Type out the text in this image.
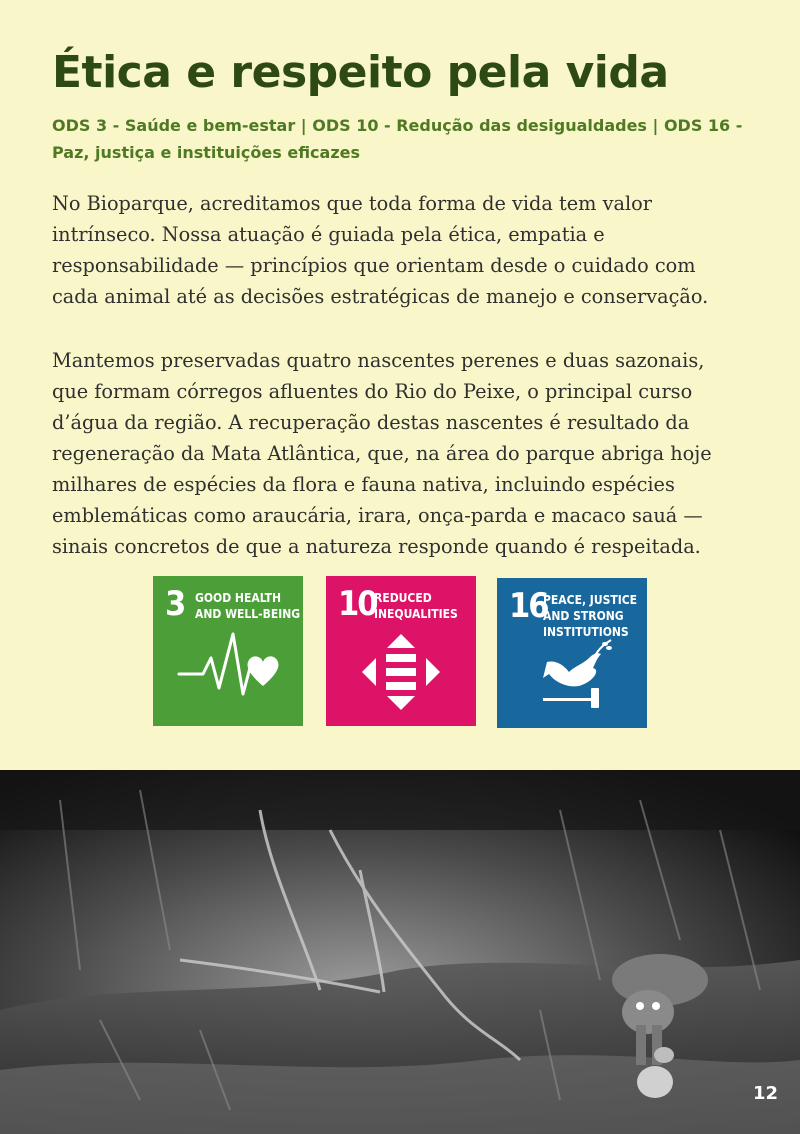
Ética e respeito pela vida

ODS 3 - Saúde e bem-estar | ODS 10 - Redução das desigualdades | ODS 16 - Paz, justiça e instituições eficazes

No Bioparque, acreditamos que toda forma de vida tem valor intrínseco. Nossa atuação é guiada pela ética, empatia e responsabilidade — princípios que orientam desde o cuidado com cada animal até as decisões estratégicas de manejo e conservação.

Mantemos preservadas quatro nascentes perenes e duas sazonais, que formam córregos afluentes do Rio do Peixe, o principal curso d’água da região. A recuperação destas nascentes é resultado da regeneração da Mata Atlântica, que, na área do parque abriga hoje milhares de espécies da flora e fauna nativa, incluindo espécies emblemáticas como araucária, irara, onça-parda e macaco sauá — sinais concretos de que a natureza responde quando é respeitada.

3 GOOD HEALTH
AND WELL-BEING 10
REDUCED
INEQUALITIES 16
PEACE, JUSTICE
AND STRONG
INSTITUTIONS
12
